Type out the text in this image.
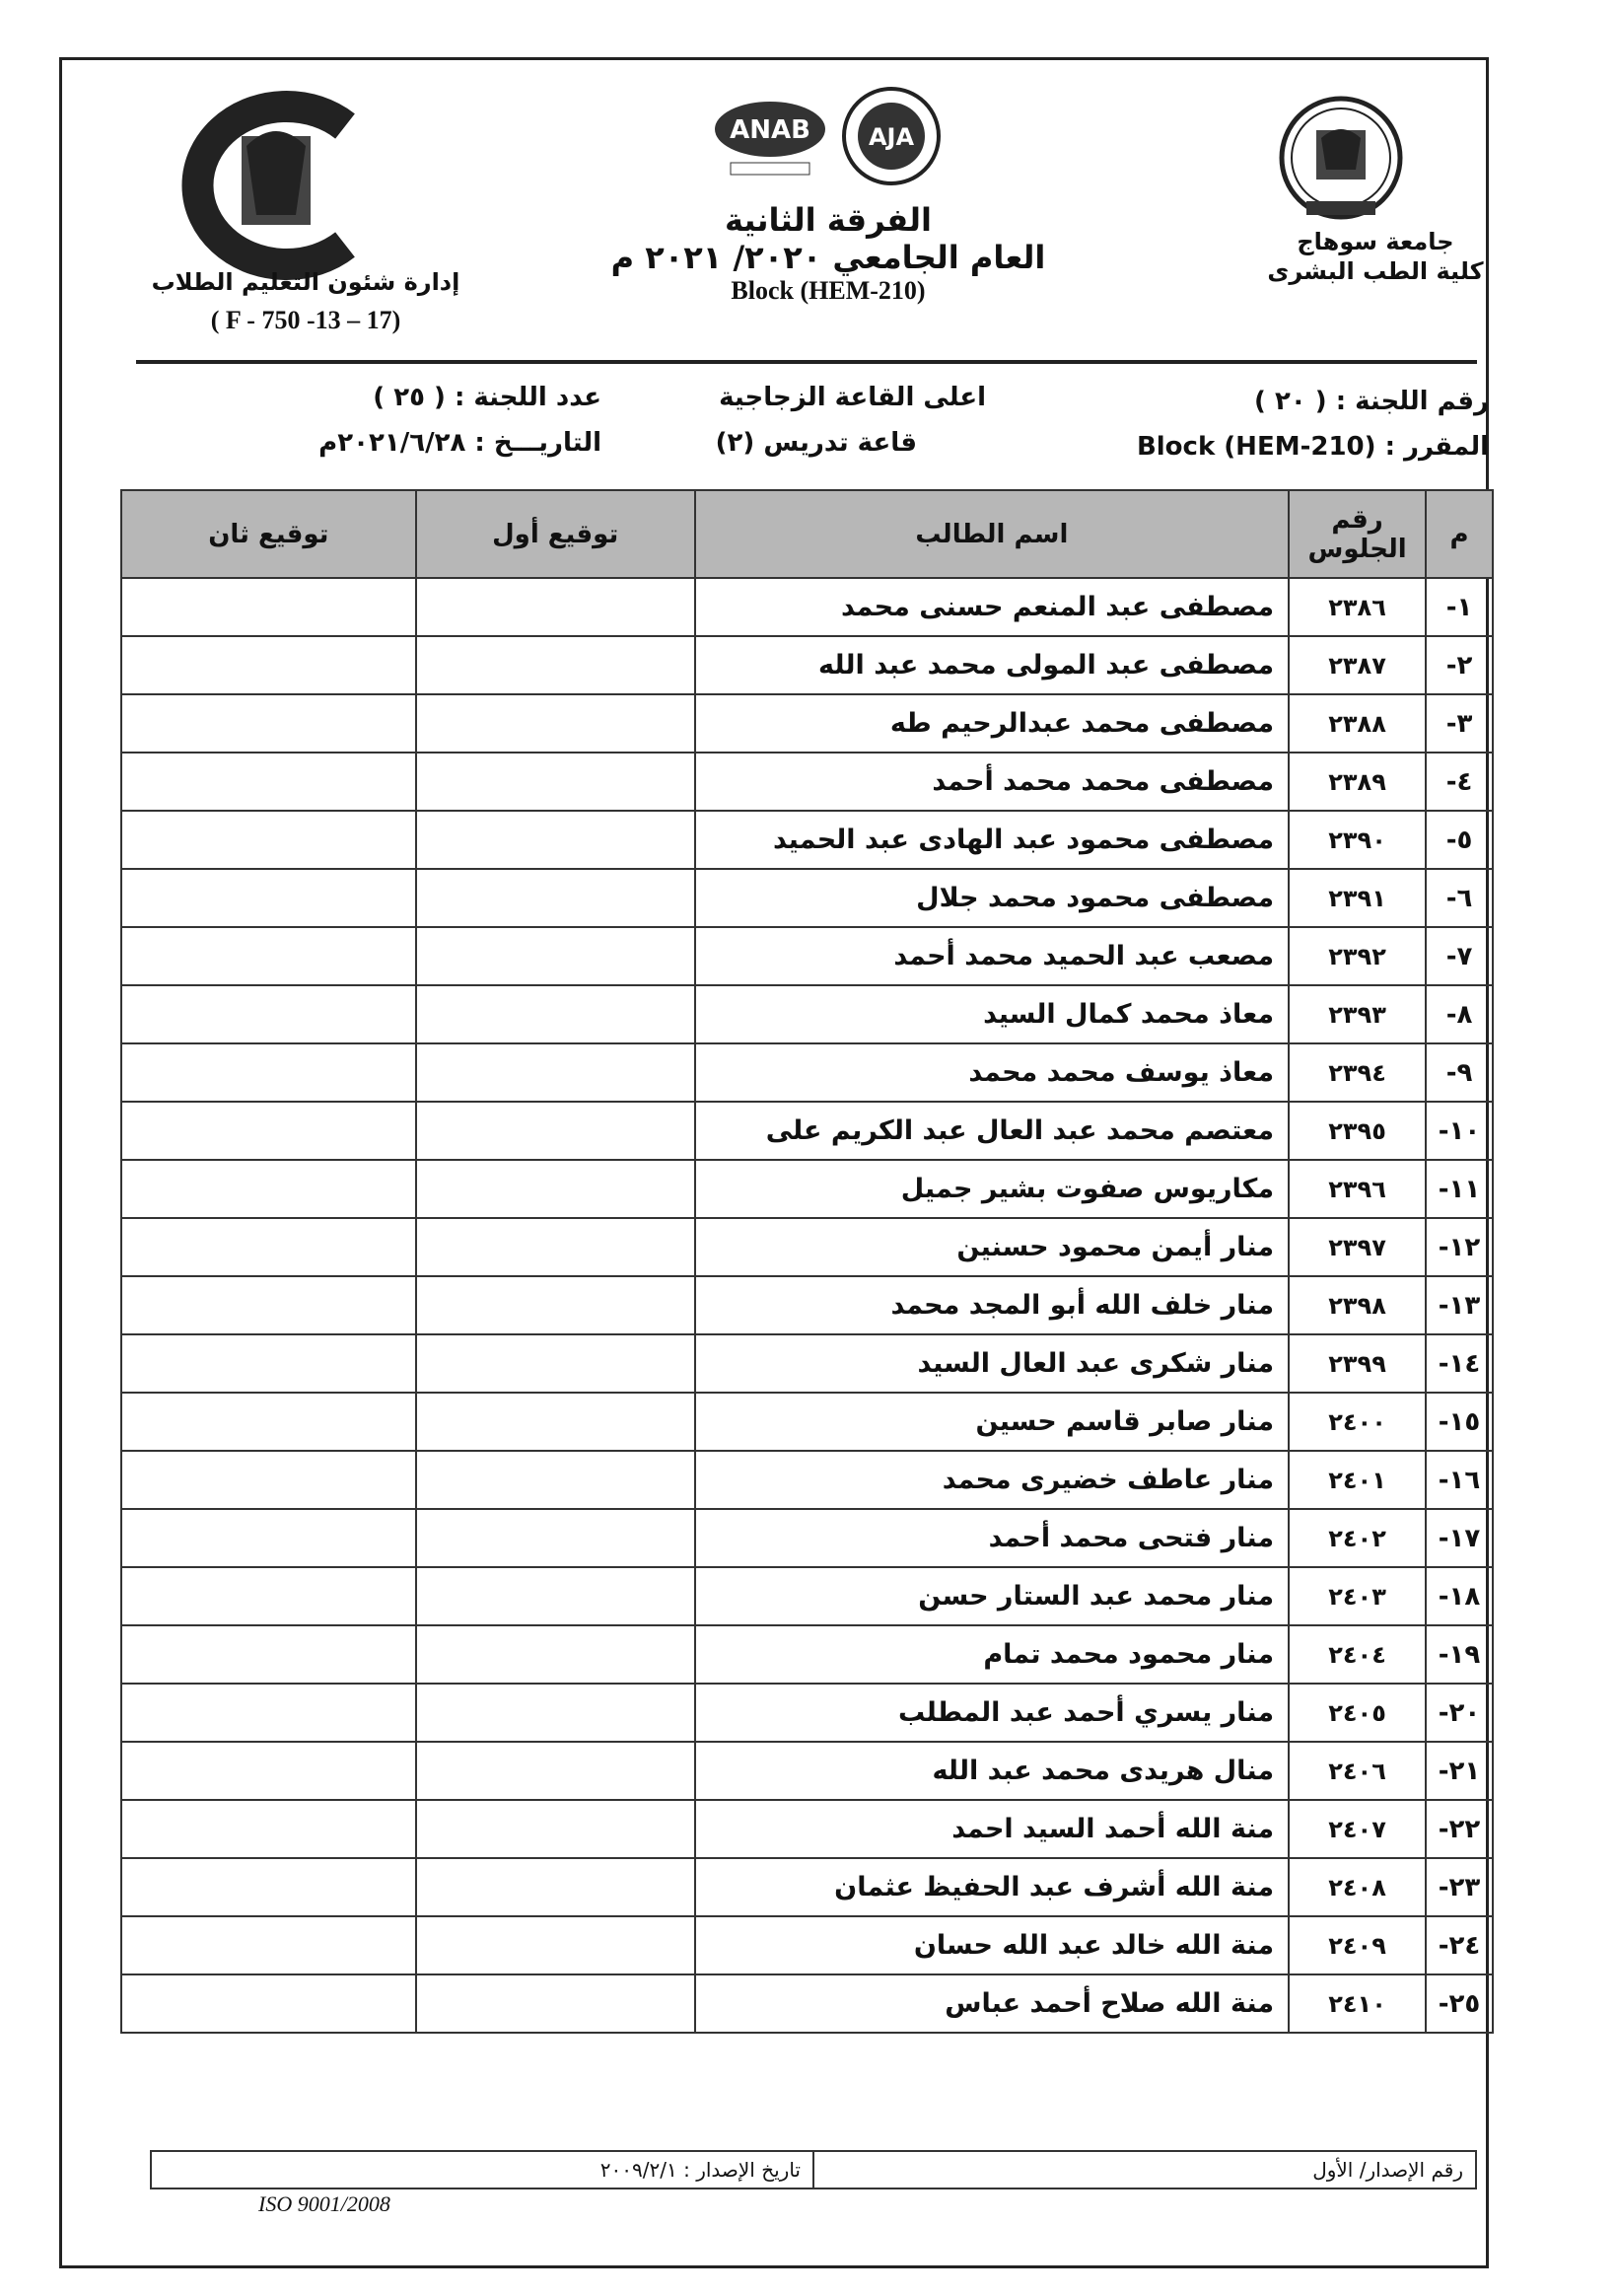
جامعة سوهاج
كلية الطب البشرى
AJA
ANAB
الفرقة الثانية
العام الجامعي ٢٠٢٠/ ٢٠٢١ م
Block (HEM-210)
إدارة شئون التعليم الطلاب
( F - 750 -13 – 17)
رقم اللجنة : ( ٢٠ )
المقرر : Block (HEM-210)
اعلى القاعة الزجاجية
قاعة تدريس (٢)
عدد اللجنة : ( ٢٥ )
التاريـــخ : ٢٠٢١/٦/٢٨م
م	رقم الجلوس	اسم الطالب	توقيع أول	توقيع ثان
١-	٢٣٨٦	مصطفى عبد المنعم حسنى محمد		
٢-	٢٣٨٧	مصطفى عبد المولى محمد عبد الله		
٣-	٢٣٨٨	مصطفى محمد عبدالرحيم طه		
٤-	٢٣٨٩	مصطفى محمد محمد أحمد		
٥-	٢٣٩٠	مصطفى محمود عبد الهادى عبد الحميد		
٦-	٢٣٩١	مصطفى محمود محمد جلال		
٧-	٢٣٩٢	مصعب عبد الحميد محمد أحمد		
٨-	٢٣٩٣	معاذ محمد كمال السيد		
٩-	٢٣٩٤	معاذ يوسف محمد محمد		
١٠-	٢٣٩٥	معتصم محمد عبد العال عبد الكريم على		
١١-	٢٣٩٦	مكاريوس صفوت بشير جميل		
١٢-	٢٣٩٧	منار أيمن محمود حسنين		
١٣-	٢٣٩٨	منار خلف الله أبو المجد محمد		
١٤-	٢٣٩٩	منار شكرى عبد العال السيد		
١٥-	٢٤٠٠	منار صابر قاسم حسين		
١٦-	٢٤٠١	منار عاطف خضيرى محمد		
١٧-	٢٤٠٢	منار فتحى محمد أحمد		
١٨-	٢٤٠٣	منار محمد عبد الستار حسن		
١٩-	٢٤٠٤	منار محمود محمد تمام		
٢٠-	٢٤٠٥	منار يسري أحمد عبد المطلب		
٢١-	٢٤٠٦	منال هريدى محمد عبد الله		
٢٢-	٢٤٠٧	منة الله أحمد السيد احمد		
٢٣-	٢٤٠٨	منة الله أشرف عبد الحفيظ عثمان		
٢٤-	٢٤٠٩	منة الله خالد عبد الله حسان		
٢٥-	٢٤١٠	منة الله صلاح أحمد عباس		
رقم الإصدار/ الأول
تاريخ الإصدار : ٢٠٠٩/٢/١
ISO 9001/2008
